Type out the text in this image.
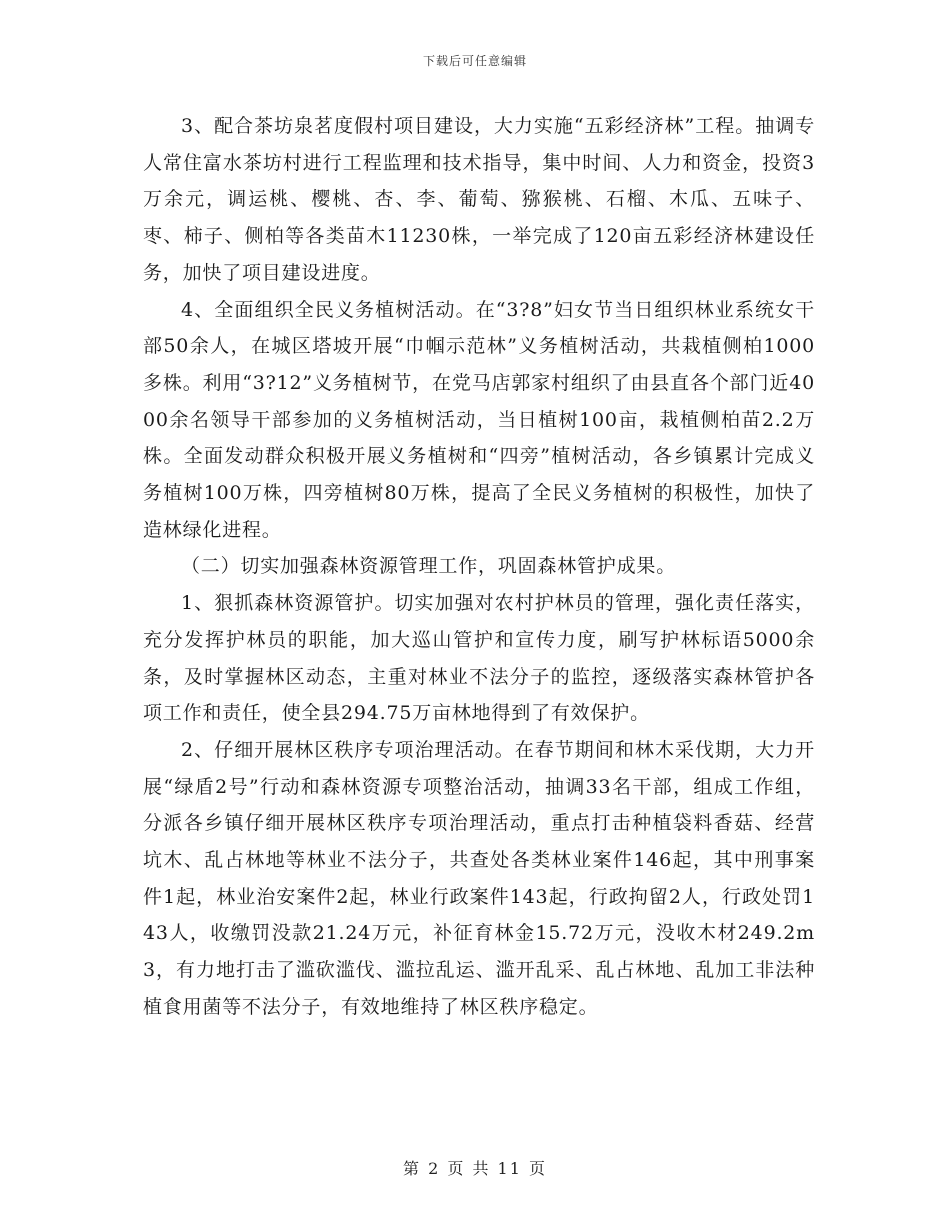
下载后可任意编辑

3、配合茶坊泉茗度假村项目建设，大力实施“五彩经济林”工程。抽调专人常住富水茶坊村进行工程监理和技术指导，集中时间、人力和资金，投资3万余元，调运桃、樱桃、杏、李、葡萄、猕猴桃、石榴、木瓜、五味子、枣、柿子、侧柏等各类苗木11230株，一举完成了120亩五彩经济林建设任务，加快了项目建设进度。

4、全面组织全民义务植树活动。在“3?8”妇女节当日组织林业系统女干部50余人，在城区塔坡开展“巾帼示范林”义务植树活动，共栽植侧柏1000多株。利用“3?12”义务植树节，在党马店郭家村组织了由县直各个部门近4000余名领导干部参加的义务植树活动，当日植树100亩，栽植侧柏苗2.2万株。全面发动群众积极开展义务植树和“四旁”植树活动，各乡镇累计完成义务植树100万株，四旁植树80万株，提高了全民义务植树的积极性，加快了造林绿化进程。

（二）切实加强森林资源管理工作，巩固森林管护成果。

1、狠抓森林资源管护。切实加强对农村护林员的管理，强化责任落实，充分发挥护林员的职能，加大巡山管护和宣传力度，刷写护林标语5000余条，及时掌握林区动态，主重对林业不法分子的监控，逐级落实森林管护各项工作和责任，使全县294.75万亩林地得到了有效保护。

2、仔细开展林区秩序专项治理活动。在春节期间和林木采伐期，大力开展“绿盾2号”行动和森林资源专项整治活动，抽调33名干部，组成工作组，分派各乡镇仔细开展林区秩序专项治理活动，重点打击种植袋料香菇、经营坑木、乱占林地等林业不法分子，共查处各类林业案件146起，其中刑事案件1起，林业治安案件2起，林业行政案件143起，行政拘留2人，行政处罚143人，收缴罚没款21.24万元，补征育林金15.72万元，没收木材249.2m3，有力地打击了滥砍滥伐、滥拉乱运、滥开乱采、乱占林地、乱加工非法种植食用菌等不法分子，有效地维持了林区秩序稳定。

第 2 页 共 11 页
